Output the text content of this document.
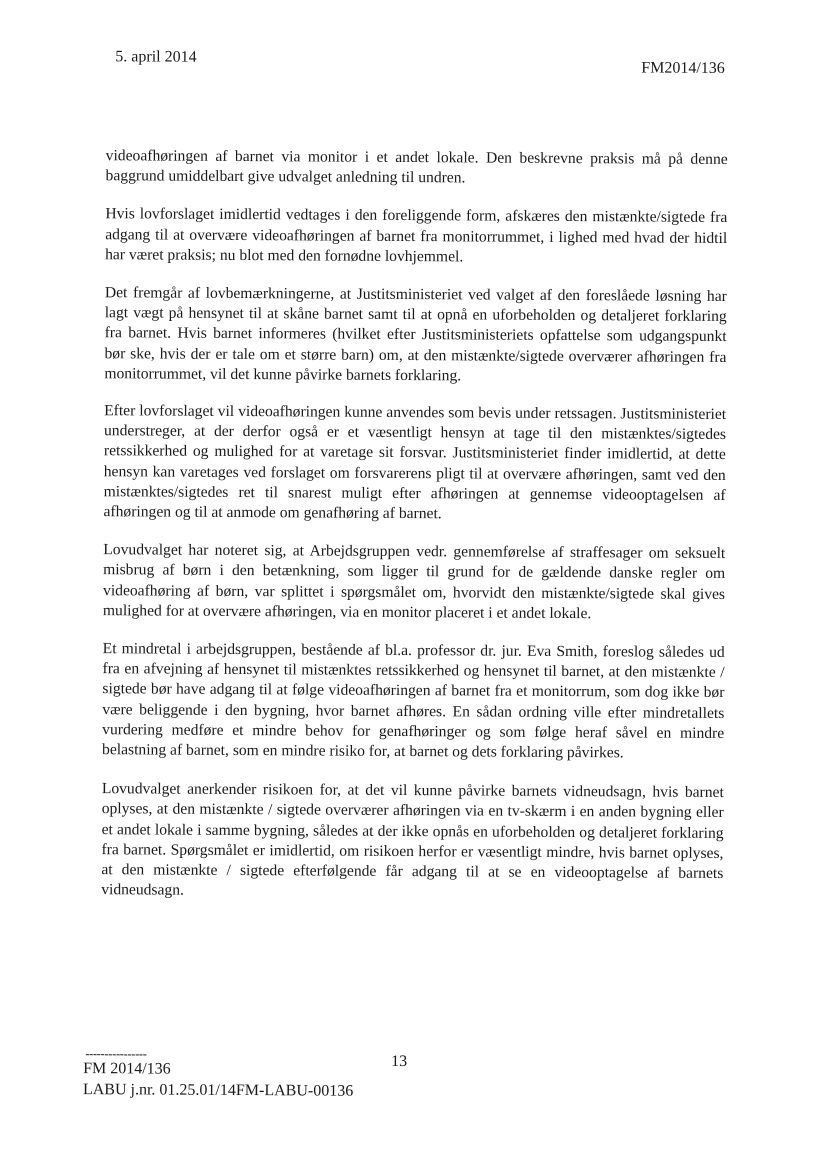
5. april 2014
FM2014/136

videoafhøringen af barnet via monitor i et andet lokale. Den beskrevne praksis må på denne baggrund umiddelbart give udvalget anledning til undren.

Hvis lovforslaget imidlertid vedtages i den foreliggende form, afskæres den mistænkte/sigtede fra adgang til at overvære videoafhøringen af barnet fra monitorrummet, i lighed med hvad der hidtil har været praksis; nu blot med den fornødne lovhjemmel.

Det fremgår af lovbemærkningerne, at Justitsministeriet ved valget af den foreslåede løsning har lagt vægt på hensynet til at skåne barnet samt til at opnå en uforbeholden og detaljeret forklaring fra barnet. Hvis barnet informeres (hvilket efter Justitsministeriets opfattelse som udgangspunkt bør ske, hvis der er tale om et større barn) om, at den mistænkte/sigtede overværer afhøringen fra monitorrummet, vil det kunne påvirke barnets forklaring.

Efter lovforslaget vil videoafhøringen kunne anvendes som bevis under retssagen. Justitsministeriet understreger, at der derfor også er et væsentligt hensyn at tage til den mistænktes/sigtedes retssikkerhed og mulighed for at varetage sit forsvar. Justitsministeriet finder imidlertid, at dette hensyn kan varetages ved forslaget om forsvarerens pligt til at overvære afhøringen, samt ved den mistænktes/sigtedes ret til snarest muligt efter afhøringen at gennemse videooptagelsen af afhøringen og til at anmode om genafhøring af barnet.

Lovudvalget har noteret sig, at Arbejdsgruppen vedr. gennemførelse af straffesager om seksuelt misbrug af børn i den betænkning, som ligger til grund for de gældende danske regler om videoafhøring af børn, var splittet i spørgsmålet om, hvorvidt den mistænkte/sigtede skal gives mulighed for at overvære afhøringen, via en monitor placeret i et andet lokale.

Et mindretal i arbejdsgruppen, bestående af bl.a. professor dr. jur. Eva Smith, foreslog således ud fra en afvejning af hensynet til mistænktes retssikkerhed og hensynet til barnet, at den mistænkte / sigtede bør have adgang til at følge videoafhøringen af barnet fra et monitorrum, som dog ikke bør være beliggende i den bygning, hvor barnet afhøres. En sådan ordning ville efter mindretallets vurdering medføre et mindre behov for genafhøringer og som følge heraf såvel en mindre belastning af barnet, som en mindre risiko for, at barnet og dets forklaring påvirkes.

Lovudvalget anerkender risikoen for, at det vil kunne påvirke barnets vidneudsagn, hvis barnet oplyses, at den mistænkte / sigtede overværer afhøringen via en tv-skærm i en anden bygning eller et andet lokale i samme bygning, således at der ikke opnås en uforbeholden og detaljeret forklaring fra barnet. Spørgsmålet er imidlertid, om risikoen herfor er væsentligt mindre, hvis barnet oplyses, at den mistænkte / sigtede efterfølgende får adgang til at se en videooptagelse af barnets vidneudsagn.

----------------
FM 2014/136
LABU j.nr. 01.25.01/14FM-LABU-00136
13
